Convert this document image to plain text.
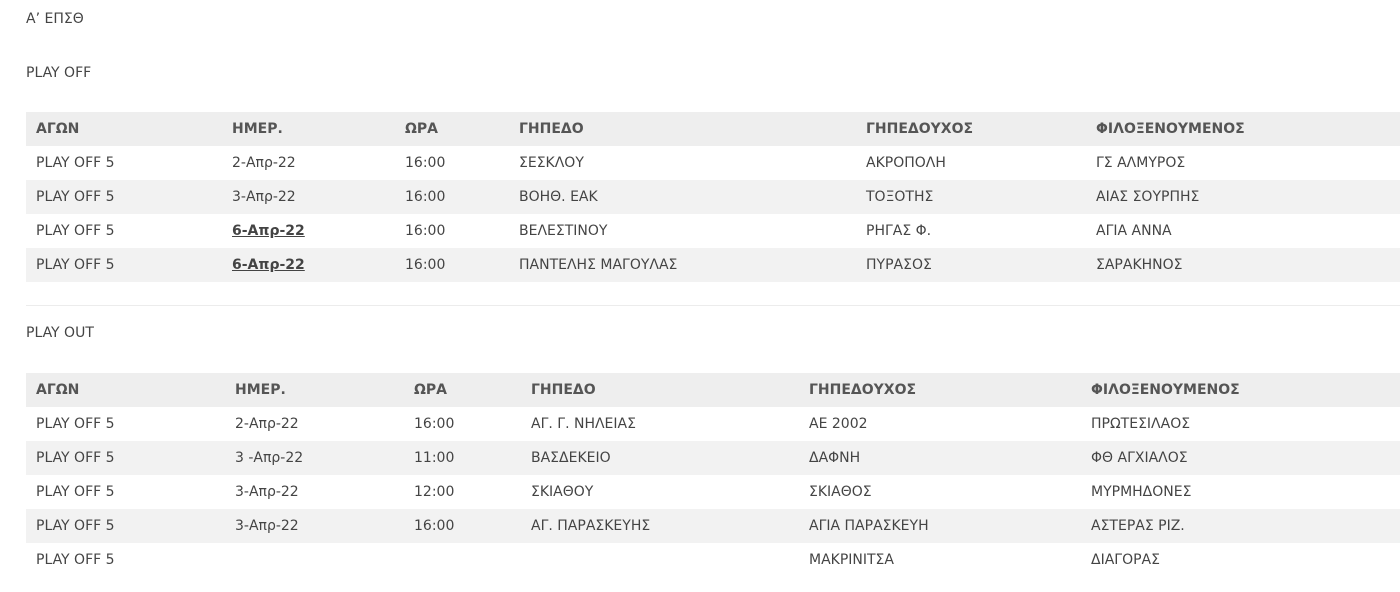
Α’ ΕΠΣΘ
PLAY OFF
ΑΓΩΝ	ΗΜΕΡ.	ΩΡΑ	ΓΗΠΕΔΟ	ΓΗΠΕΔΟΥΧΟΣ	ΦΙΛΟΞΕΝΟΥΜΕΝΟΣ
PLAY OFF 5	2-Απρ-22	16:00	ΣΕΣΚΛΟΥ	ΑΚΡΟΠΟΛΗ	ΓΣ ΑΛΜΥΡΟΣ
PLAY OFF 5	3-Απρ-22	16:00	ΒΟΗΘ. ΕΑΚ	ΤΟΞΟΤΗΣ	ΑΙΑΣ ΣΟΥΡΠΗΣ
PLAY OFF 5	6-Απρ-22	16:00	ΒΕΛΕΣΤΙΝΟΥ	ΡΗΓΑΣ Φ.	ΑΓΙΑ ΑΝΝΑ
PLAY OFF 5	6-Απρ-22	16:00	ΠΑΝΤΕΛΗΣ ΜΑΓΟΥΛΑΣ	ΠΥΡΑΣΟΣ	ΣΑΡΑΚΗΝΟΣ
PLAY OUT
ΑΓΩΝ	ΗΜΕΡ.	ΩΡΑ	ΓΗΠΕΔΟ	ΓΗΠΕΔΟΥΧΟΣ	ΦΙΛΟΞΕΝΟΥΜΕΝΟΣ
PLAY OFF 5	2-Απρ-22	16:00	ΑΓ. Γ. ΝΗΛΕΙΑΣ	ΑΕ 2002	ΠΡΩΤΕΣΙΛΑΟΣ
PLAY OFF 5	3 -Απρ-22	11:00	ΒΑΣΔΕΚΕΙΟ	ΔΑΦΝΗ	ΦΘ ΑΓΧΙΑΛΟΣ
PLAY OFF 5	3-Απρ-22	12:00	ΣΚΙΑΘΟΥ	ΣΚΙΑΘΟΣ	ΜΥΡΜΗΔΟΝΕΣ
PLAY OFF 5	3-Απρ-22	16:00	ΑΓ. ΠΑΡΑΣΚΕΥΗΣ	ΑΓΙΑ ΠΑΡΑΣΚΕΥΗ	ΑΣΤΕΡΑΣ ΡΙΖ.
PLAY OFF 5				ΜΑΚΡΙΝΙΤΣΑ	ΔΙΑΓΟΡΑΣ
